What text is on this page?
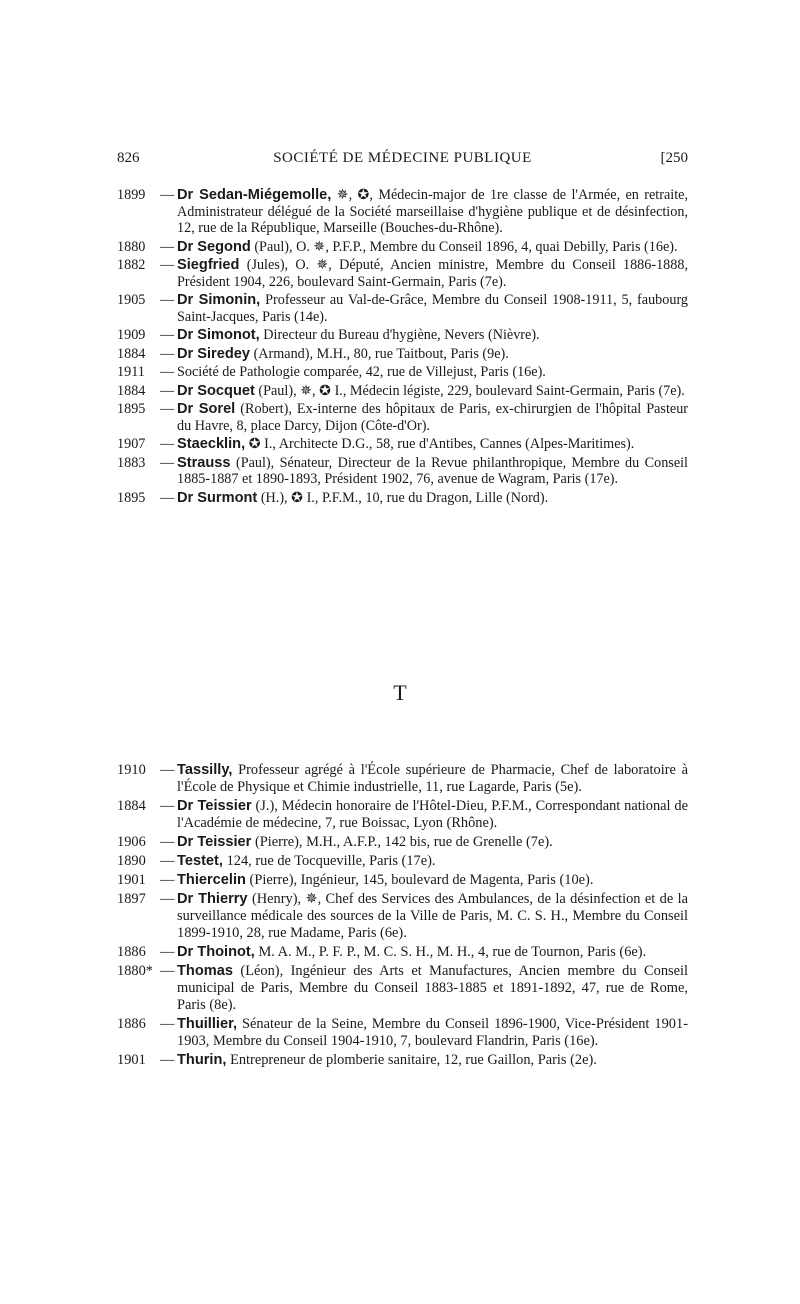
826	SOCIÉTÉ DE MÉDECINE PUBLIQUE	[250
1899	— Dr Sedan-Miégemolle, ✵, ✪, Médecin-major de 1re classe de l'Armée, en retraite, Administrateur délégué de la Société marseillaise d'hygiène publique et de désinfection, 12, rue de la République, Marseille (Bouches-du-Rhône).
1880	— Dr Segond (Paul), O. ✵, P.F.P., Membre du Conseil 1896, 4, quai Debilly, Paris (16e).
1882	— Siegfried (Jules), O. ✵, Député, Ancien ministre, Membre du Conseil 1886-1888, Président 1904, 226, boulevard Saint-Germain, Paris (7e).
1905	— Dr Simonin, Professeur au Val-de-Grâce, Membre du Conseil 1908-1911, 5, faubourg Saint-Jacques, Paris (14e).
1909	— Dr Simonot, Directeur du Bureau d'hygiène, Nevers (Nièvre).
1884	— Dr Siredey (Armand), M.H., 80, rue Taitbout, Paris (9e).
1911	— Société de Pathologie comparée, 42, rue de Villejust, Paris (16e).
1884	— Dr Socquet (Paul), ✵, ✪ I., Médecin légiste, 229, boulevard Saint-Germain, Paris (7e).
1895	— Dr Sorel (Robert), Ex-interne des hôpitaux de Paris, ex-chirurgien de l'hôpital Pasteur du Havre, 8, place Darcy, Dijon (Côte-d'Or).
1907	— Staecklin, ✪ I., Architecte D.G., 58, rue d'Antibes, Cannes (Alpes-Maritimes).
1883	— Strauss (Paul), Sénateur, Directeur de la Revue philanthropique, Membre du Conseil 1885-1887 et 1890-1893, Président 1902, 76, avenue de Wagram, Paris (17e).
1895	— Dr Surmont (H.), ✪ I., P.F.M., 10, rue du Dragon, Lille (Nord).
T
1910 — Tassilly, Professeur agrégé à l'École supérieure de Pharmacie, Chef de laboratoire à l'École de Physique et Chimie industrielle, 11, rue Lagarde, Paris (5e).
1884 — Dr Teissier (J.), Médecin honoraire de l'Hôtel-Dieu, P.F.M., Correspondant national de l'Académie de médecine, 7, rue Boissac, Lyon (Rhône).
1906 — Dr Teissier (Pierre), M.H., A.F.P., 142 bis, rue de Grenelle (7e).
1890 — Testet, 124, rue de Tocqueville, Paris (17e).
1901 — Thiercelin (Pierre), Ingénieur, 145, boulevard de Magenta, Paris (10e).
1897 — Dr Thierry (Henry), ✵, Chef des Services des Ambulances, de la désinfection et de la surveillance médicale des sources de la Ville de Paris, M. C. S. H., Membre du Conseil 1899-1910, 28, rue Madame, Paris (6e).
1886 — Dr Thoinot, M. A. M., P. F. P., M. C. S. H., M. H., 4, rue de Tournon, Paris (6e).
1880* — Thomas (Léon), Ingénieur des Arts et Manufactures, Ancien membre du Conseil municipal de Paris, Membre du Conseil 1883-1885 et 1891-1892, 47, rue de Rome, Paris (8e).
1886 — Thuillier, Sénateur de la Seine, Membre du Conseil 1896-1900, Vice-Président 1901-1903, Membre du Conseil 1904-1910, 7, boulevard Flandrin, Paris (16e).
1901 — Thurin, Entrepreneur de plomberie sanitaire, 12, rue Gaillon, Paris (2e).
